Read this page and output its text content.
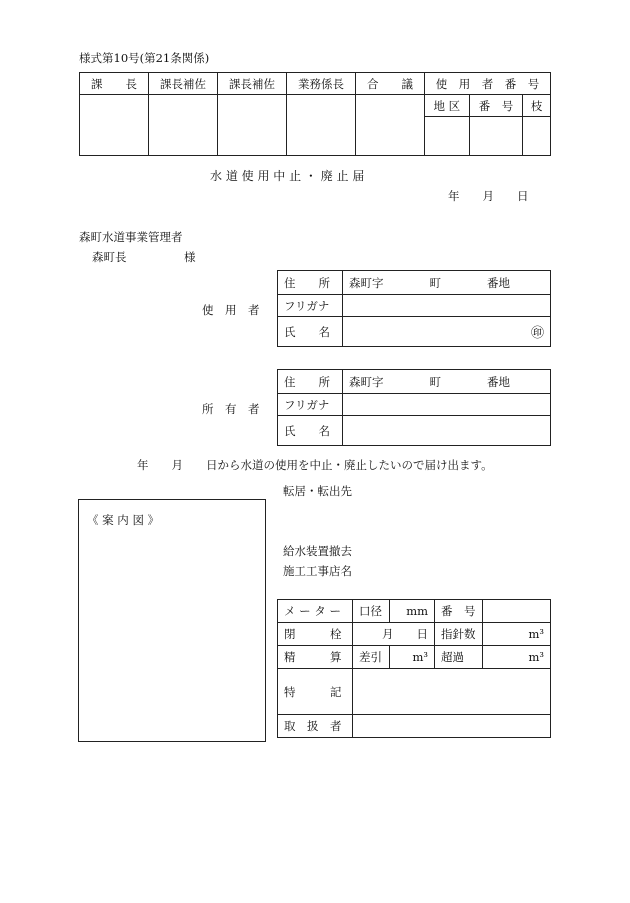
様式第10号(第21条関係)
課　　長	課長補佐	課長補佐	業務係長	合　　議	使　用　者　番　号		
					地 区	番　号	枝

水 道 使 用 中 止 ・ 廃 止 届
年　　月　　日
森町水道事業管理者
森町長　　　　　様
使　用　者
住　　所	森町字　　　　町　　　　番地
フリガナ	
氏　　名	㊞
所　有　者
住　　所	森町字　　　　町　　　　番地
フリガナ	
氏　　名	
年　　月　　日から水道の使用を中止・廃止したいので届け出ます。
転居・転出先
《 案 内 図 》
給水装置撤去
施工工事店名
メ ー タ ー	口径	mm	番　号	
閉　　　栓	月　　日		指針数	m³
精　　　算	差引	m³	超過	m³
特　　　記				
取　扱　者				
